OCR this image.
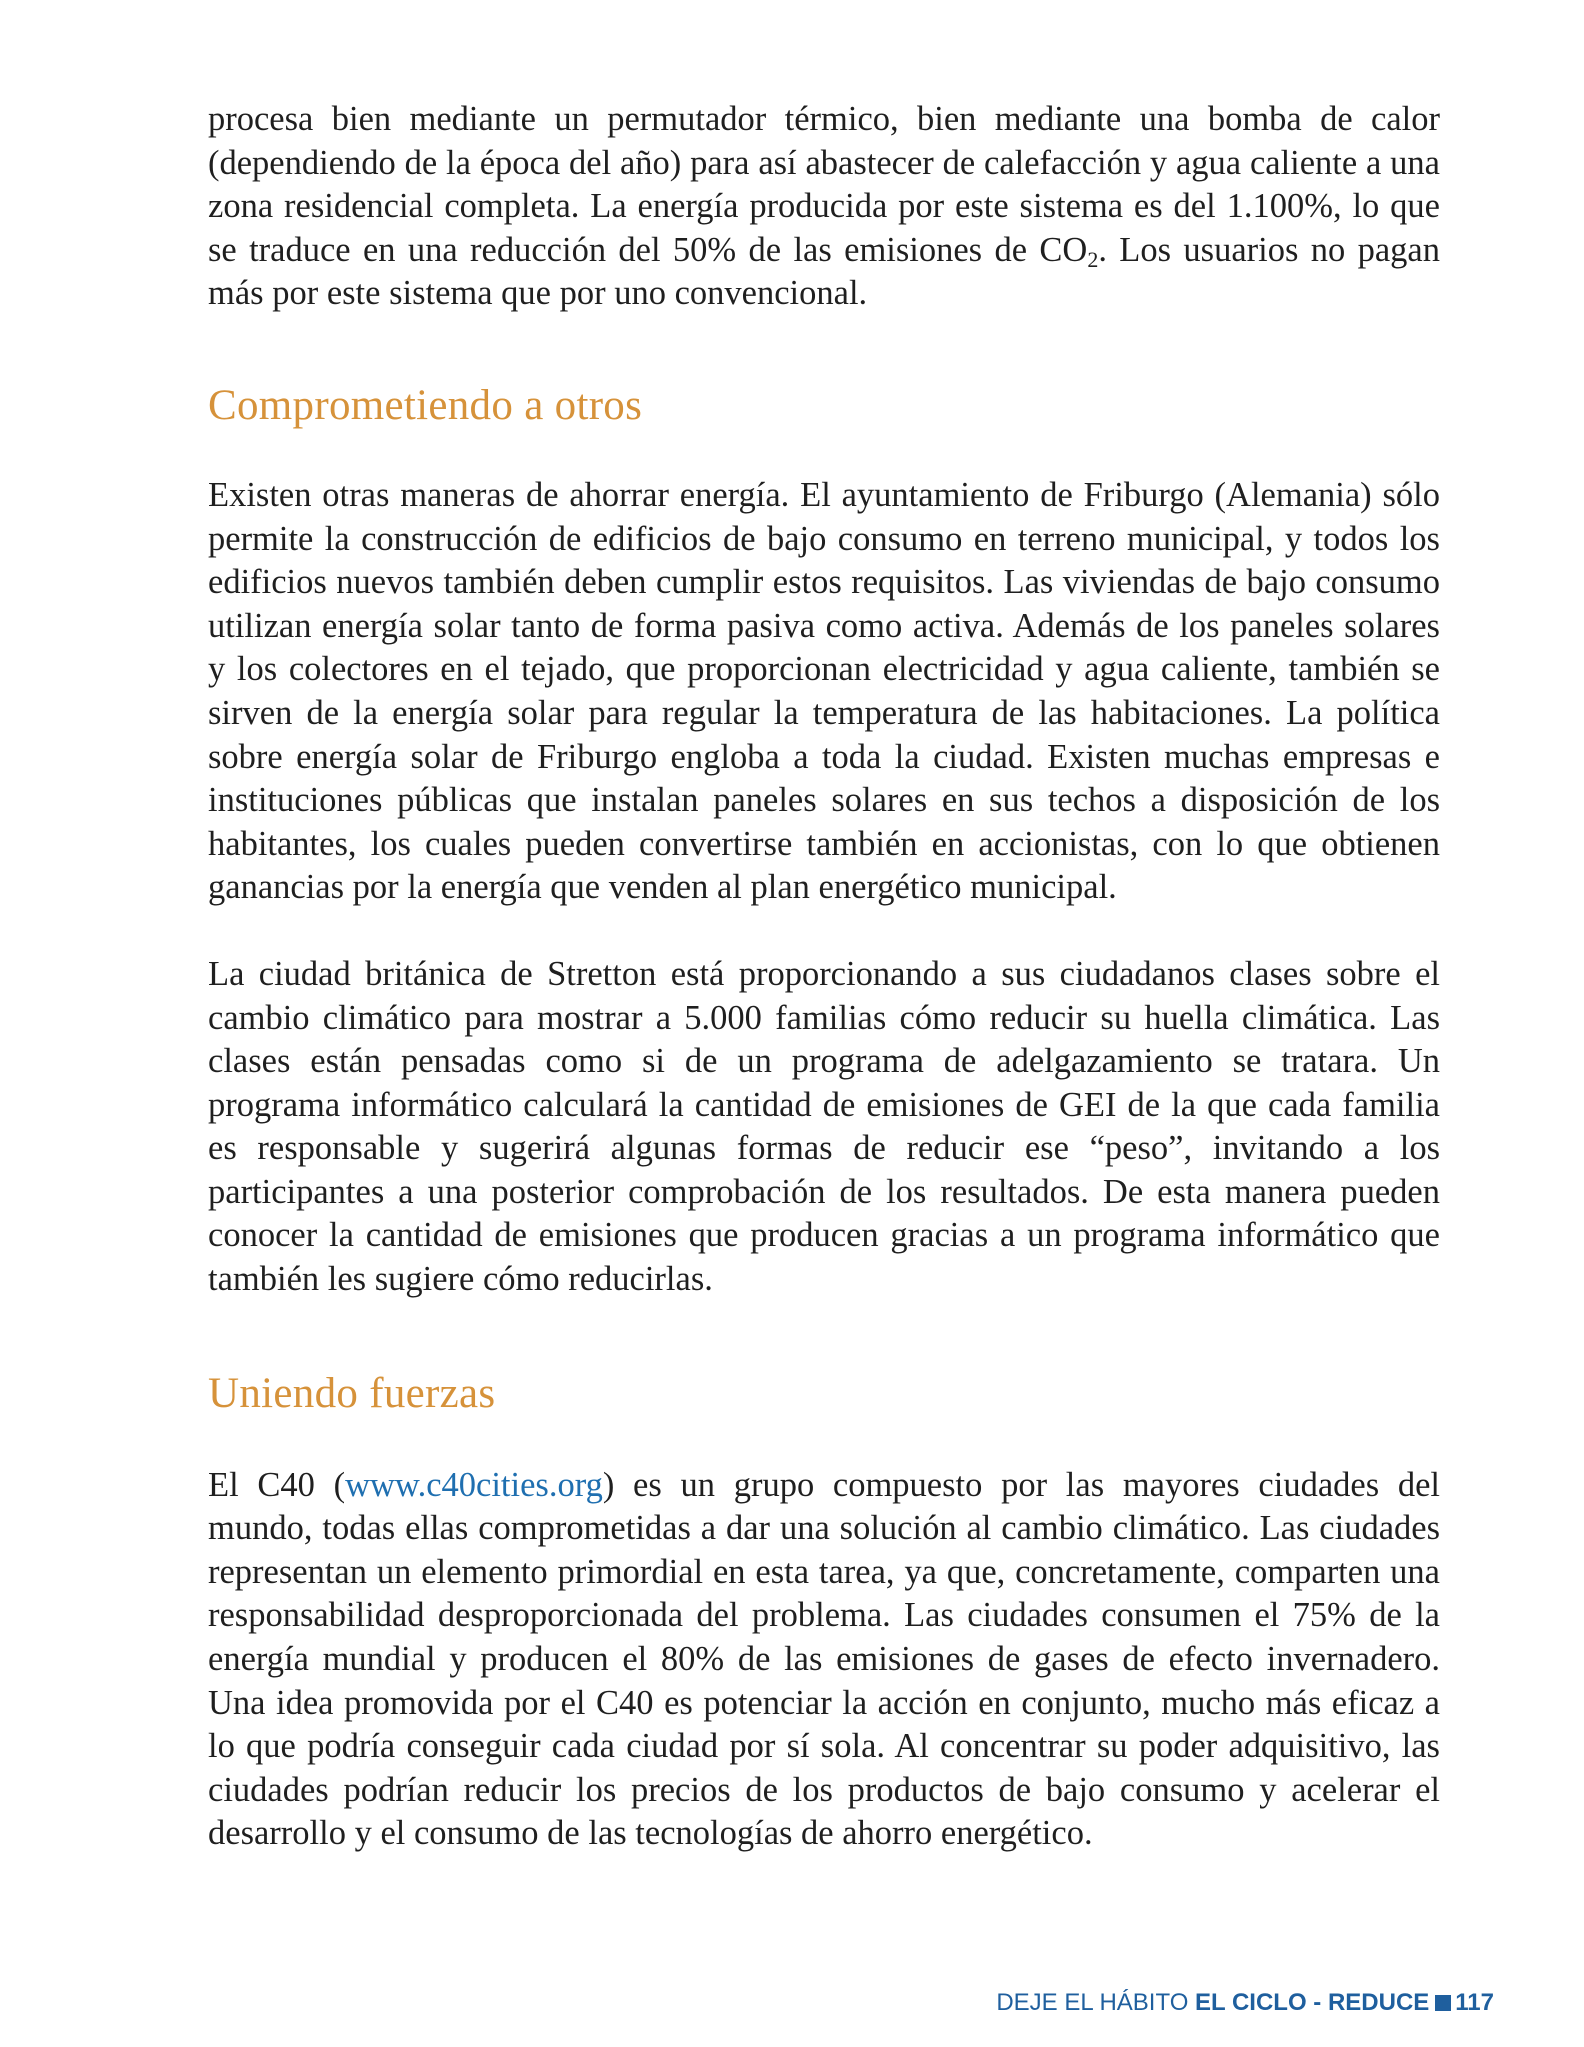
procesa bien mediante un permutador térmico, bien mediante una bomba de calor (dependiendo de la época del año) para así abastecer de calefacción y agua caliente a una zona residencial completa. La energía producida por este sistema es del 1.100%, lo que se traduce en una reducción del 50% de las emisiones de $CO_2$. Los usuarios no pagan más por este sistema que por uno convencional.

Comprometiendo a otros

Existen otras maneras de ahorrar energía. El ayuntamiento de Friburgo (Alemania) sólo permite la construcción de edificios de bajo consumo en terreno municipal, y todos los edificios nuevos también deben cumplir estos requisitos. Las viviendas de bajo consumo utilizan energía solar tanto de forma pasiva como activa. Además de los paneles solares y los colectores en el tejado, que proporcionan electricidad y agua caliente, también se sirven de la energía solar para regular la temperatura de las habitaciones. La política sobre energía solar de Friburgo engloba a toda la ciudad. Existen muchas empresas e instituciones públicas que instalan paneles solares en sus techos a disposición de los habitantes, los cuales pueden convertirse también en accionistas, con lo que obtienen ganancias por la energía que venden al plan energético municipal.

La ciudad británica de Stretton está proporcionando a sus ciudadanos clases sobre el cambio climático para mostrar a 5.000 familias cómo reducir su huella climática. Las clases están pensadas como si de un programa de adelgazamiento se tratara. Un programa informático calculará la cantidad de emisiones de GEI de la que cada familia es responsable y sugerirá algunas formas de reducir ese “peso”, invitando a los participantes a una posterior comprobación de los resultados. De esta manera pueden conocer la cantidad de emisiones que producen gracias a un programa informático que también les sugiere cómo reducirlas.

Uniendo fuerzas

El C40 (www.c40cities.org) es un grupo compuesto por las mayores ciudades del mundo, todas ellas comprometidas a dar una solución al cambio climático. Las ciudades representan un elemento primordial en esta tarea, ya que, concretamente, comparten una responsabilidad desproporcionada del problema. Las ciudades consumen el 75% de la energía mundial y producen el 80% de las emisiones de gases de efecto invernadero. Una idea promovida por el C40 es potenciar la acción en conjunto, mucho más eficaz a lo que podría conseguir cada ciudad por sí sola. Al concentrar su poder adquisitivo, las ciudades podrían reducir los precios de los productos de bajo consumo y acelerar el desarrollo y el consumo de las tecnologías de ahorro energético.

DEJE EL HÁBITO EL CICLO - REDUCE 117
